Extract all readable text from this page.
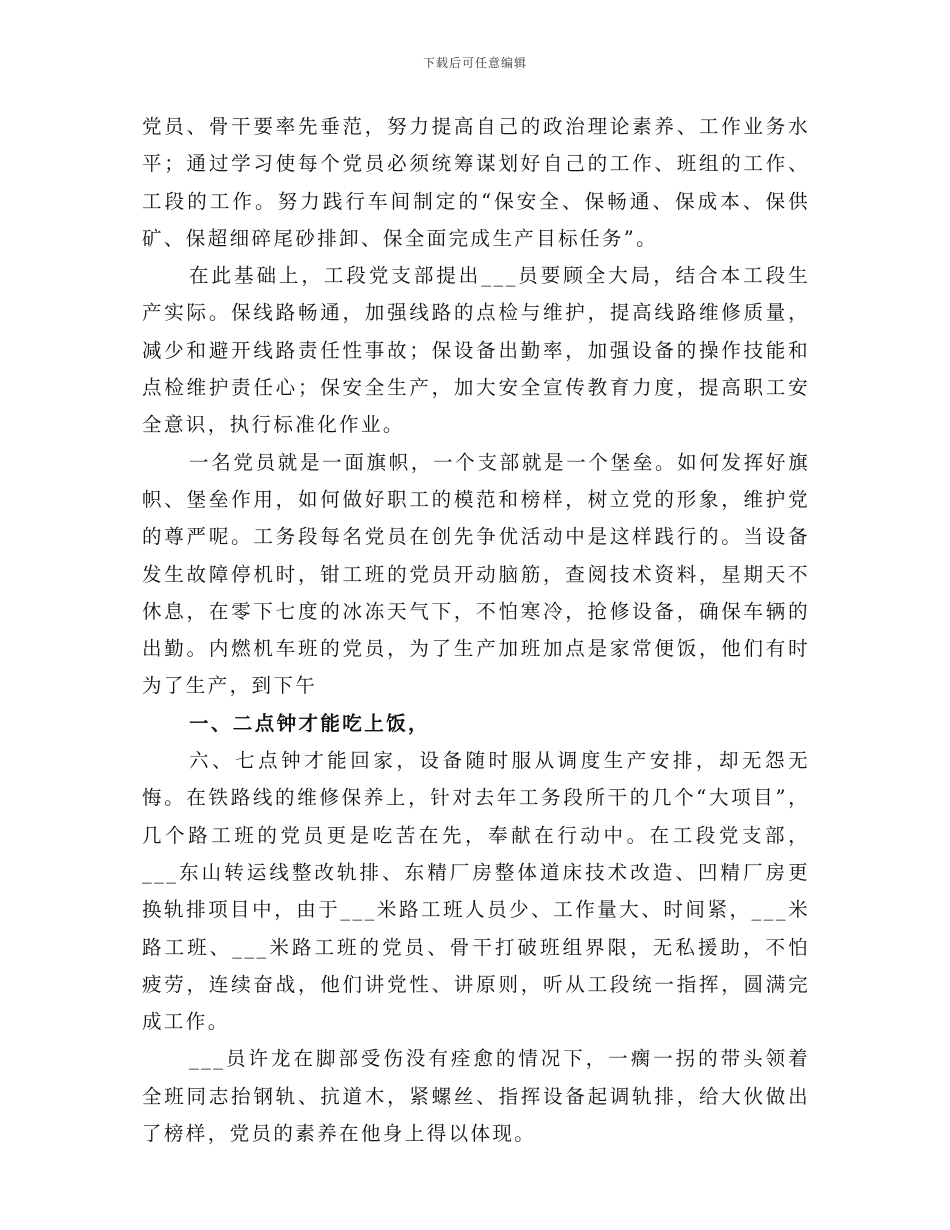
下载后可任意编辑

党员、骨干要率先垂范，努力提高自己的政治理论素养、工作业务水平；通过学习使每个党员必须统筹谋划好自己的工作、班组的工作、工段的工作。努力践行车间制定的“保安全、保畅通、保成本、保供矿、保超细碎尾砂排卸、保全面完成生产目标任务”。

在此基础上，工段党支部提出___员要顾全大局，结合本工段生产实际。保线路畅通，加强线路的点检与维护，提高线路维修质量，减少和避开线路责任性事故；保设备出勤率，加强设备的操作技能和点检维护责任心；保安全生产，加大安全宣传教育力度，提高职工安全意识，执行标准化作业。

一名党员就是一面旗帜，一个支部就是一个堡垒。如何发挥好旗帜、堡垒作用，如何做好职工的模范和榜样，树立党的形象，维护党的尊严呢。工务段每名党员在创先争优活动中是这样践行的。当设备发生故障停机时，钳工班的党员开动脑筋，查阅技术资料，星期天不休息，在零下七度的冰冻天气下，不怕寒冷，抢修设备，确保车辆的出勤。内燃机车班的党员，为了生产加班加点是家常便饭，他们有时为了生产，到下午

一、二点钟才能吃上饭，

六、七点钟才能回家，设备随时服从调度生产安排，却无怨无悔。在铁路线的维修保养上，针对去年工务段所干的几个“大项目”，几个路工班的党员更是吃苦在先，奉献在行动中。在工段党支部，___东山转运线整改轨排、东精厂房整体道床技术改造、凹精厂房更换轨排项目中，由于___米路工班人员少、工作量大、时间紧，___米路工班、___米路工班的党员、骨干打破班组界限，无私援助，不怕疲劳，连续奋战，他们讲党性、讲原则，听从工段统一指挥，圆满完成工作。

___员许龙在脚部受伤没有痊愈的情况下，一瘸一拐的带头领着全班同志抬钢轨、抗道木，紧螺丝、指挥设备起调轨排，给大伙做出了榜样，党员的素养在他身上得以体现。
